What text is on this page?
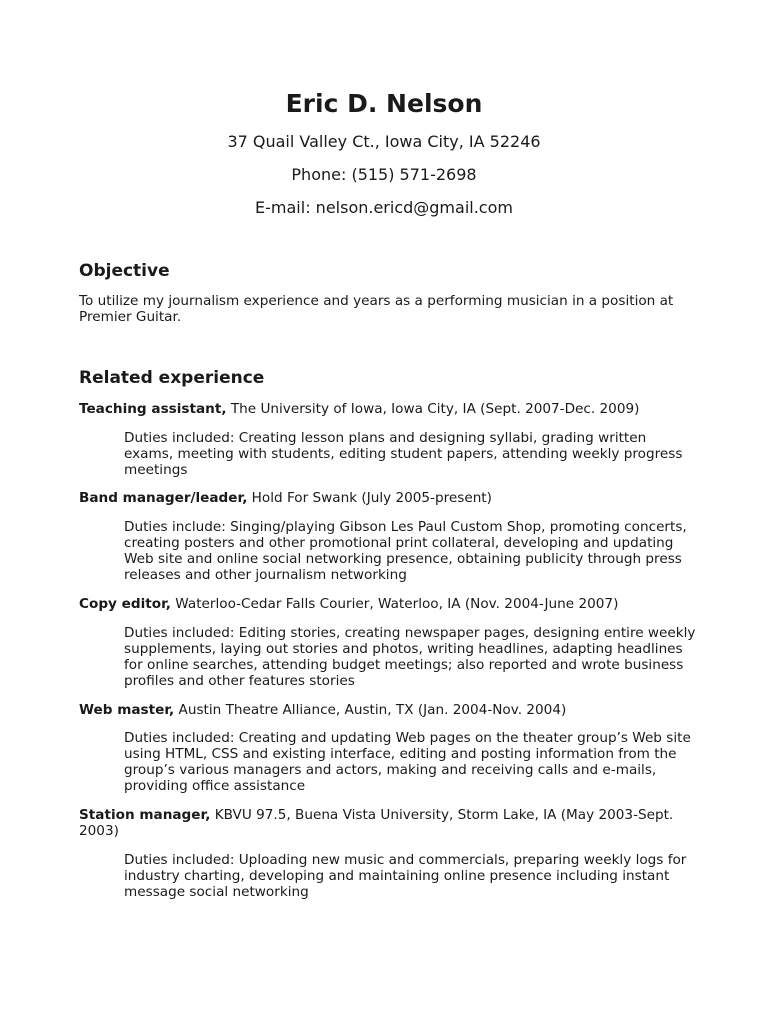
Eric D. Nelson
37 Quail Valley Ct., Iowa City, IA 52246
Phone: (515) 571-2698
E-mail: nelson.ericd@gmail.com
Objective
To utilize my journalism experience and years as a performing musician in a position at Premier Guitar.
Related experience
Teaching assistant, The University of Iowa, Iowa City, IA (Sept. 2007-Dec. 2009)
Duties included: Creating lesson plans and designing syllabi, grading written exams, meeting with students, editing student papers, attending weekly progress meetings
Band manager/leader, Hold For Swank (July 2005-present)
Duties include: Singing/playing Gibson Les Paul Custom Shop, promoting concerts, creating posters and other promotional print collateral, developing and updating Web site and online social networking presence, obtaining publicity through press releases and other journalism networking
Copy editor, Waterloo-Cedar Falls Courier, Waterloo, IA (Nov. 2004-June 2007)
Duties included: Editing stories, creating newspaper pages, designing entire weekly supplements, laying out stories and photos, writing headlines, adapting headlines for online searches, attending budget meetings; also reported and wrote business profiles and other features stories
Web master, Austin Theatre Alliance, Austin, TX (Jan. 2004-Nov. 2004)
Duties included: Creating and updating Web pages on the theater group’s Web site using HTML, CSS and existing interface, editing and posting information from the group’s various managers and actors, making and receiving calls and e-mails, providing office assistance
Station manager, KBVU 97.5, Buena Vista University, Storm Lake, IA (May 2003-Sept. 2003)
Duties included: Uploading new music and commercials, preparing weekly logs for industry charting, developing and maintaining online presence including instant message social networking
